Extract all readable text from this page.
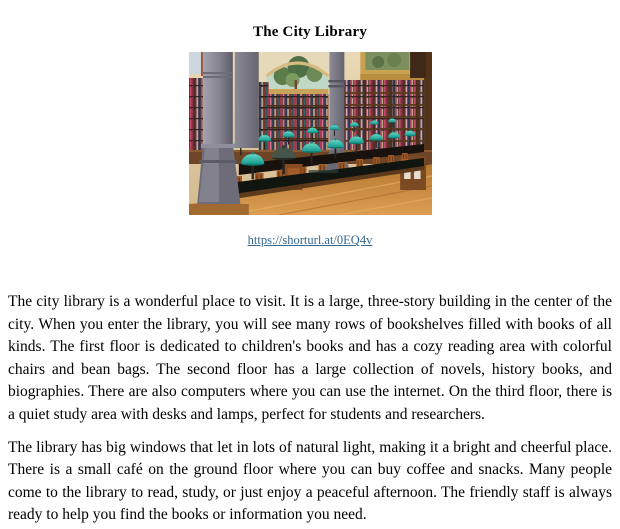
The City Library
https://shorturl.at/0EQ4v

The city library is a wonderful place to visit. It is a large, three-story building in the center of the city. When you enter the library, you will see many rows of bookshelves filled with books of all kinds. The first floor is dedicated to children's books and has a cozy reading area with colorful chairs and bean bags. The second floor has a large collection of novels, history books, and biographies. There are also computers where you can use the internet. On the third floor, there is a quiet study area with desks and lamps, perfect for students and researchers.

The library has big windows that let in lots of natural light, making it a bright and cheerful place. There is a small café on the ground floor where you can buy coffee and snacks. Many people come to the library to read, study, or just enjoy a peaceful afternoon. The friendly staff is always ready to help you find the books or information you need.
